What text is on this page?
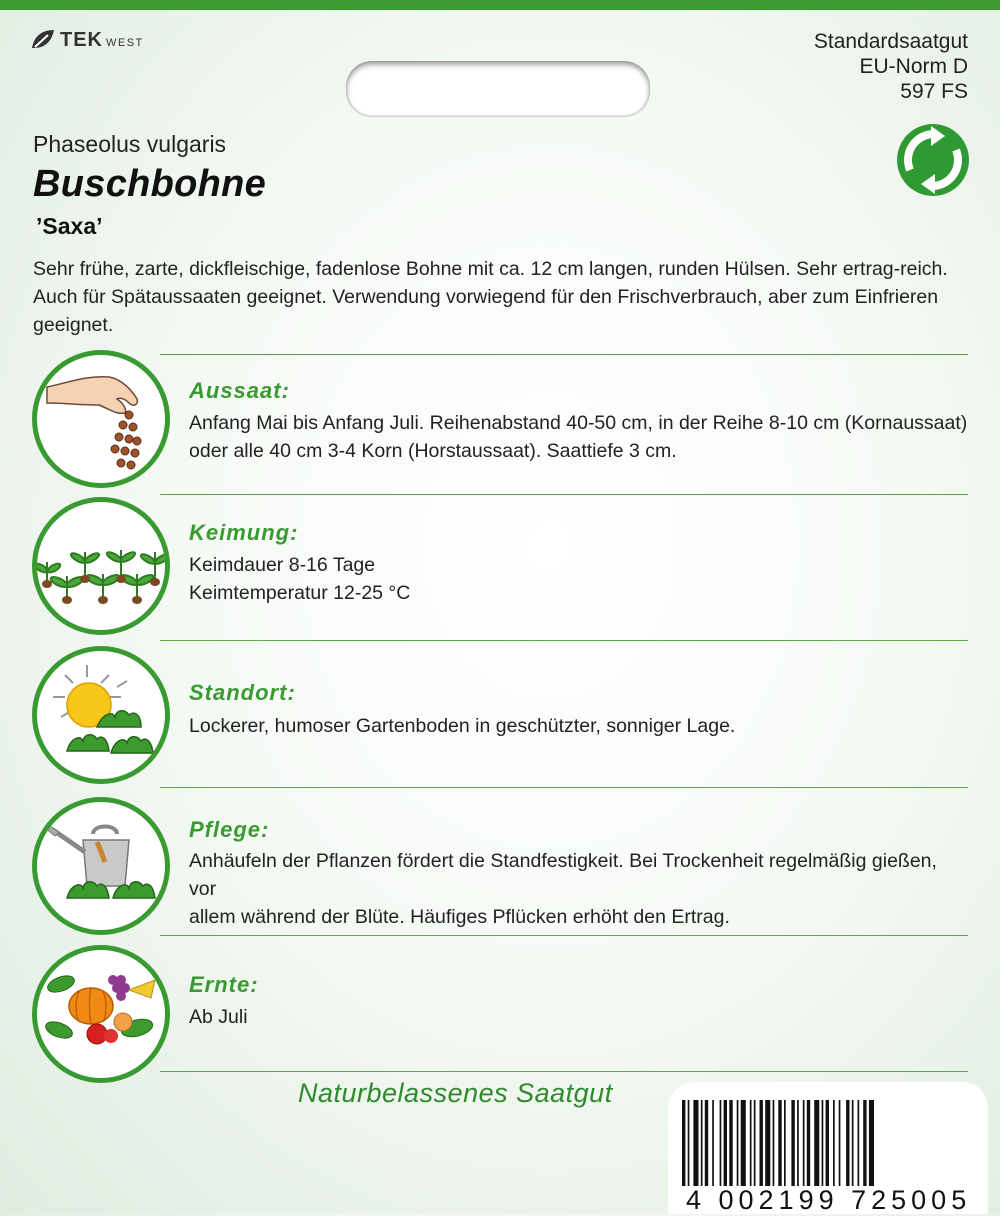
TEK WEST	Standardsaatgut
EU-Norm D
597 FS
Phaseolus vulgaris
Buschbohne
’Saxa’
Sehr frühe, zarte, dickfleischige, fadenlose Bohne mit ca. 12 cm langen, runden Hülsen. Sehr ertrag-reich. Auch für Spätaussaaten geeignet. Verwendung vorwiegend für den Frischverbrauch, aber zum Einfrieren geeignet.
Aussaat:
Anfang Mai bis Anfang Juli. Reihenabstand 40-50 cm, in der Reihe 8-10 cm (Kornaussaat)
oder alle 40 cm 3-4 Korn (Horstaussaat). Saattiefe 3 cm.
Keimung:
Keimdauer 8-16 Tage
Keimtemperatur 12-25 °C
Standort:
Lockerer, humoser Gartenboden in geschützter, sonniger Lage.
Pflege:
Anhäufeln der Pflanzen fördert die Standfestigkeit. Bei Trockenheit regelmäßig gießen, vor
allem während der Blüte. Häufiges Pflücken erhöht den Ertrag.
Ernte:
Ab Juli
Naturbelassenes Saatgut
4 002199 725005
